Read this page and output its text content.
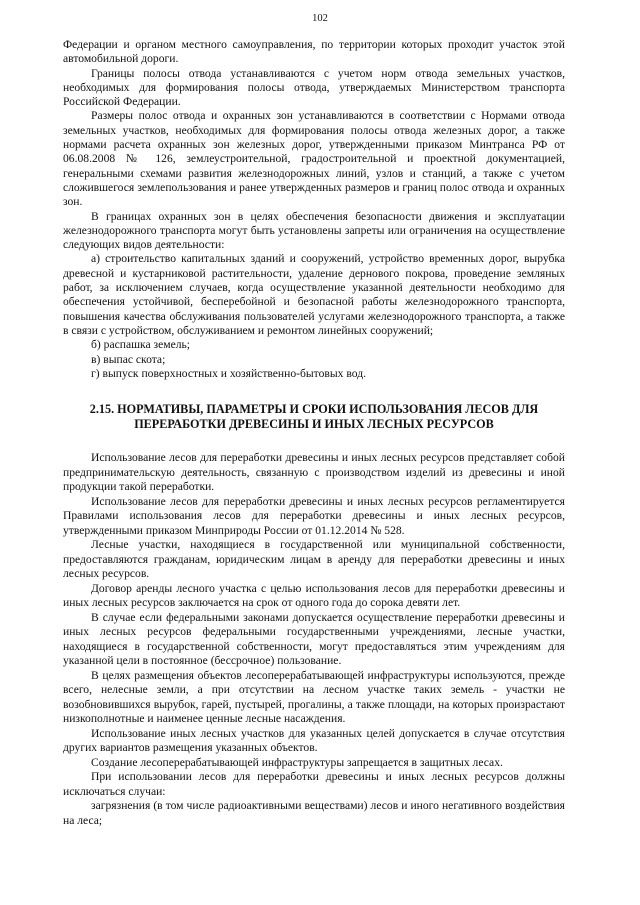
102

Федерации и органом местного самоуправления, по территории которых проходит участок этой автомобильной дороги.

Границы полосы отвода устанавливаются с учетом норм отвода земельных участков, необходимых для формирования полосы отвода, утверждаемых Министерством транспорта Российской Федерации.

Размеры полос отвода и охранных зон устанавливаются в соответствии с Нормами отвода земельных участков, необходимых для формирования полосы отвода железных дорог, а также нормами расчета охранных зон железных дорог, утвержденными приказом Минтранса РФ от 06.08.2008 № 126, землеустроительной, градостроительной и проектной документацией, генеральными схемами развития железнодорожных линий, узлов и станций, а также с учетом сложившегося землепользования и ранее утвержденных размеров и границ полос отвода и охранных зон.

В границах охранных зон в целях обеспечения безопасности движения и эксплуатации железнодорожного транспорта могут быть установлены запреты или ограничения на осуществление следующих видов деятельности:

а) строительство капитальных зданий и сооружений, устройство временных дорог, вырубка древесной и кустарниковой растительности, удаление дернового покрова, проведение земляных работ, за исключением случаев, когда осуществление указанной деятельности необходимо для обеспечения устойчивой, бесперебойной и безопасной работы железнодорожного транспорта, повышения качества обслуживания пользователей услугами железнодорожного транспорта, а также в связи с устройством, обслуживанием и ремонтом линейных сооружений;

б) распашка земель;

в) выпас скота;

г) выпуск поверхностных и хозяйственно-бытовых вод.

2.15. НОРМАТИВЫ, ПАРАМЕТРЫ И СРОКИ ИСПОЛЬЗОВАНИЯ ЛЕСОВ ДЛЯ ПЕРЕРАБОТКИ ДРЕВЕСИНЫ И ИНЫХ ЛЕСНЫХ РЕСУРСОВ

Использование лесов для переработки древесины и иных лесных ресурсов представляет собой предпринимательскую деятельность, связанную с производством изделий из древесины и иной продукции такой переработки.

Использование лесов для переработки древесины и иных лесных ресурсов регламентируется Правилами использования лесов для переработки древесины и иных лесных ресурсов, утвержденными приказом Минприроды России от 01.12.2014 № 528.

Лесные участки, находящиеся в государственной или муниципальной собственности, предоставляются гражданам, юридическим лицам в аренду для переработки древесины и иных лесных ресурсов.

Договор аренды лесного участка с целью использования лесов для переработки древесины и иных лесных ресурсов заключается на срок от одного года до сорока девяти лет.

В случае если федеральными законами допускается осуществление переработки древесины и иных лесных ресурсов федеральными государственными учреждениями, лесные участки, находящиеся в государственной собственности, могут предоставляться этим учреждениям для указанной цели в постоянное (бессрочное) пользование.

В целях размещения объектов лесоперерабатывающей инфраструктуры используются, прежде всего, нелесные земли, а при отсутствии на лесном участке таких земель - участки не возобновившихся вырубок, гарей, пустырей, прогалины, а также площади, на которых произрастают низкополнотные и наименее ценные лесные насаждения.

Использование иных лесных участков для указанных целей допускается в случае отсутствия других вариантов размещения указанных объектов.

Создание лесоперерабатывающей инфраструктуры запрещается в защитных лесах.

При использовании лесов для переработки древесины и иных лесных ресурсов должны исключаться случаи:

загрязнения (в том числе радиоактивными веществами) лесов и иного негативного воздействия на леса;
